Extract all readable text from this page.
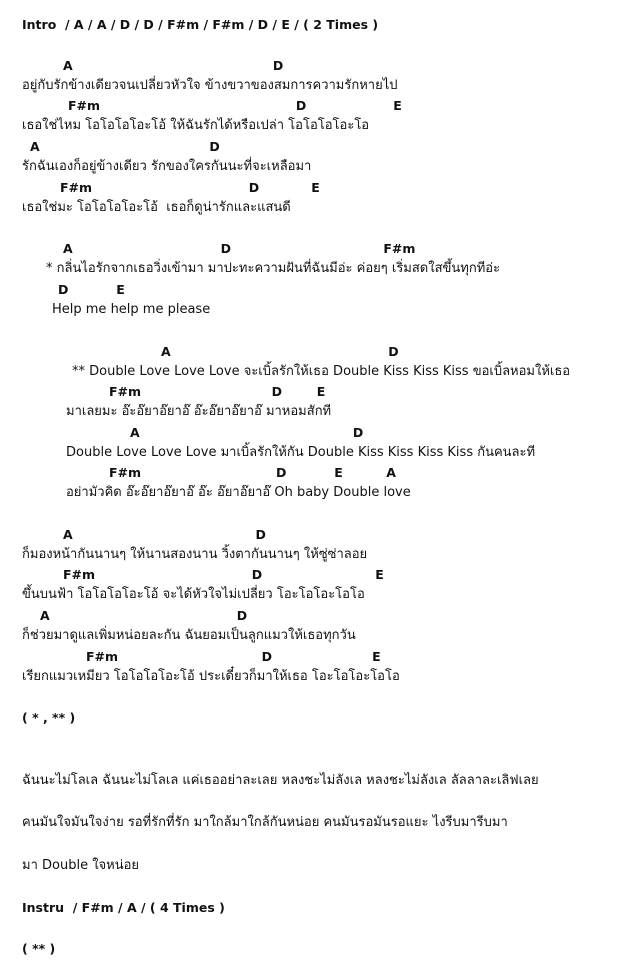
Intro  / A / A / D / D / F#m / F#m / D / E / ( 2 Times )
A                                              D
อยู่กับรักข้างเดียวจนเปลี่ยวหัวใจ ข้างขวาของสมการความรักหายไป
F#m                                             D                    E
เธอใช่ไหม โอโอโอโอะโอ้ ให้ฉันรักได้หรือเปล่า โอโอโอโอะโอ
A                                       D
รักฉันเองก็อยู่ข้างเดียว รักของใครกันนะที่จะเหลือมา
F#m                                    D            E
เธอใช่มะ โอโอโอโอะโอ้  เธอก็ดูน่ารักและแสนดี
A                                  D                                   F#m
* กลิ่นไอรักจากเธอวิ่งเข้ามา มาปะทะความฝันที่ฉันมีอ่ะ ค่อยๆ เริ่มสดใสขึ้นทุกทีอ่ะ
D           E
Help me help me please
A                                                  D
** Double Love Love Love จะเบิ้ลรักให้เธอ Double Kiss Kiss Kiss ขอเบิ้ลหอมให้เธอ
F#m                              D        E
มาเลยมะ อ๊ะอ๊ยาอ๊ยาอ๊ อ๊ะอ๊ยาอ๊ยาอ๊ มาหอมสักที
A                                                 D
Double Love Love Love มาเบิ้ลรักให้กัน Double Kiss Kiss Kiss Kiss กันคนละที
F#m                               D           E          A
อย่ามัวคิด อ๊ะอ๊ยาอ๊ยาอ๊ อ๊ะ อ๊ยาอ๊ยาอ๊ Oh baby Double love
A                                          D
ก็มองหน้ากันนานๆ ให้นานสองนาน วิ้งตากันนานๆ ให้ซู่ซ่าลอย
F#m                                    D                          E
ขึ้นบนฟ้า โอโอโอโอะโอ้ จะได้หัวใจไม่เปลี่ยว โอะโอโอะโอโอ
A                                           D
ก็ช่วยมาดูแลเพิ่มหน่อยละกัน ฉันยอมเป็นลูกแมวให้เธอทุกวัน
F#m                                 D                       E
เรียกแมวเหมียว โอโอโอโอะโอ้ ประเดี๋ยวก็มาให้เธอ โอะโอโอะโอโอ
( * , ** )
ฉันนะไม่โลเล ฉันนะไม่โลเล แค่เธออย่าละเลย หลงชะไม่ลังเล หลงชะไม่ลังเล ลัลลาละเลิฟเลย
คนมันใจมันใจง่าย รอที่รักที่รัก มาใกล้มาใกล้กันหน่อย คนมันรอมันรอแยะ ไงรีบมารีบมา
มา Double ใจหน่อย
Instru  / F#m / A / ( 4 Times )
( ** )
